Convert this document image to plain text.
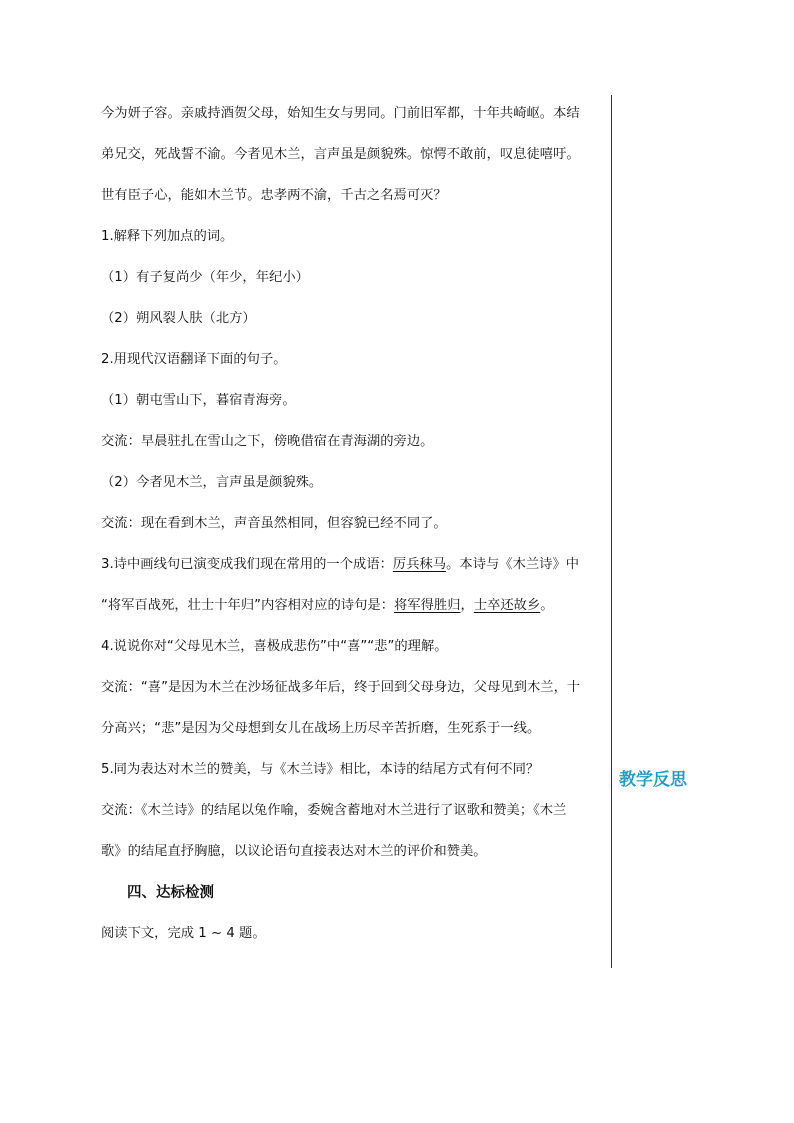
今为妍子容。亲戚持酒贺父母，始知生女与男同。门前旧军都，十年共崎岖。本结
弟兄交，死战誓不渝。今者见木兰，言声虽是颜貌殊。惊愕不敢前，叹息徒嘻吁。
世有臣子心，能如木兰节。忠孝两不渝，千古之名焉可灭？
1.解释下列加点的词。
（1）有子复尚少（年少，年纪小）
（2）朔风裂人肤（北方）
2.用现代汉语翻译下面的句子。
（1）朝屯雪山下，暮宿青海旁。
交流：早晨驻扎在雪山之下，傍晚借宿在青海湖的旁边。
（2）今者见木兰，言声虽是颜貌殊。
交流：现在看到木兰，声音虽然相同，但容貌已经不同了。
3.诗中画线句已演变成我们现在常用的一个成语：厉兵秣马。本诗与《木兰诗》中
“将军百战死，壮士十年归”内容相对应的诗句是：将军得胜归，士卒还故乡。
4.说说你对“父母见木兰，喜极成悲伤”中“喜”“悲”的理解。
交流：“喜”是因为木兰在沙场征战多年后，终于回到父母身边，父母见到木兰，十
分高兴；“悲”是因为父母想到女儿在战场上历尽辛苦折磨，生死系于一线。
5.同为表达对木兰的赞美，与《木兰诗》相比，本诗的结尾方式有何不同？
交流：《木兰诗》的结尾以兔作喻，委婉含蓄地对木兰进行了讴歌和赞美；《木兰
歌》的结尾直抒胸臆，以议论语句直接表达对木兰的评价和赞美。
四、达标检测
阅读下文，完成 1 ~ 4 题。
教学反思
